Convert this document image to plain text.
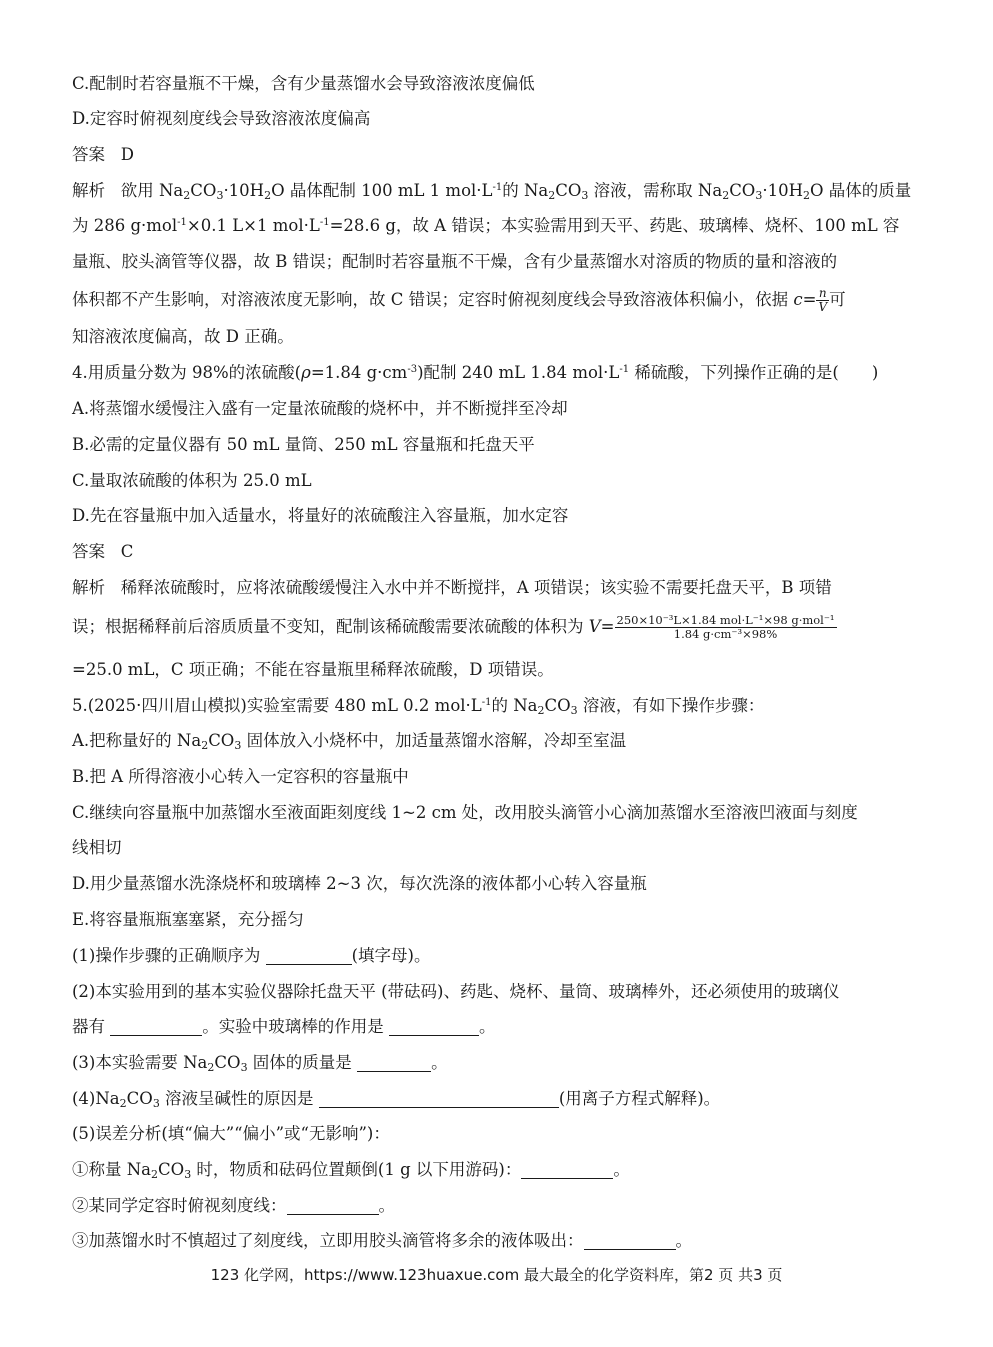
C.配制时若容量瓶不干燥，含有少量蒸馏水会导致溶液浓度偏低
D.定容时俯视刻度线会导致溶液浓度偏高
答案 D
解析 欲用 $Na_2CO_3\cdot 10H_2O$ 晶体配制 100 mL 1 $mol\cdot L^{-1}$的 $Na_2CO_3$ 溶液，需称取 $Na_2CO_3\cdot 10H_2O$ 晶体的质量
为 286 g·mol$^{-1}$×0.1 L×1 $mol\cdot L^{-1}=28.6$ g，故 A 错误；本实验需用到天平、药匙、玻璃棒、烧杯、100 mL 容
量瓶、胶头滴管等仪器，故 B 错误；配制时若容量瓶不干燥，含有少量蒸馏水对溶质的物质的量和溶液的
体积都不产生影响，对溶液浓度无影响，故 C 错误；定容时俯视刻度线会导致溶液体积偏小，依据 $c= \frac{n}{V}$ 可
知溶液浓度偏高，故 D 正确。
4.用质量分数为 98%的浓硫酸(ρ=1.84 $g\cdot cm^{-3}$)配制 240 mL 1.84 $mol\cdot L^{-1}$ 稀硫酸，下列操作正确的是(　　)
A.将蒸馏水缓慢注入盛有一定量浓硫酸的烧杯中，并不断搅拌至冷却
B.必需的定量仪器有 50 mL 量筒、250 mL 容量瓶和托盘天平
C.量取浓硫酸的体积为 25.0 mL
D.先在容量瓶中加入适量水，将量好的浓硫酸注入容量瓶，加水定容
答案 C
解析 稀释浓硫酸时，应将浓硫酸缓慢注入水中并不断搅拌，A 项错误；该实验不需要托盘天平，B 项错
误；根据稀释前后溶质质量不变知，配制该稀硫酸需要浓硫酸的体积为 $V= \frac{\text{250×10⁻³L×1.84 mol·L⁻¹×98 g·mol⁻¹}}{\text{1.84 g·cm⁻³×98\%}}$
=25.0 mL，C 项正确；不能在容量瓶里稀释浓硫酸，D 项错误。
5.(2025·四川眉山模拟)实验室需要 480 mL 0.2 $mol\cdot L^{-1}$的 $Na_2CO_3$ 溶液，有如下操作步骤：
A.把称量好的 $Na_2CO_3$ 固体放入小烧杯中，加适量蒸馏水溶解，冷却至室温
B.把 A 所得溶液小心转入一定容积的容量瓶中
C.继续向容量瓶中加蒸馏水至液面距刻度线 1~2 cm 处，改用胶头滴管小心滴加蒸馏水至溶液凹液面与刻度
线相切
D.用少量蒸馏水洗涤烧杯和玻璃棒 2~3 次，每次洗涤的液体都小心转入容量瓶
E.将容量瓶瓶塞塞紧，充分摇匀
(1)操作步骤的正确顺序为	(填字母)。
(2)本实验用到的基本实验仪器除托盘天平 (带砝码)、药匙、烧杯、量筒、玻璃棒外，还必须使用的玻璃仪
器有	。实验中玻璃棒的作用是	。
(3)本实验需要 $Na_2CO_3$ 固体的质量是	。
$(4)Na_2CO_3$ 溶液呈碱性的原因是	(用离子方程式解释)。
(5)误差分析(填“偏大”“偏小”或“无影响”)：
①称量 $Na_2CO_3$ 时，物质和砝码位置颠倒(1 g 以下用游码)：	。
②某同学定容时俯视刻度线：	。
③加蒸馏水时不慎超过了刻度线，立即用胶头滴管将多余的液体吸出：	。
123 化学网，https://www.123huaxue.com 最大最全的化学资料库，第2 页 共3 页
